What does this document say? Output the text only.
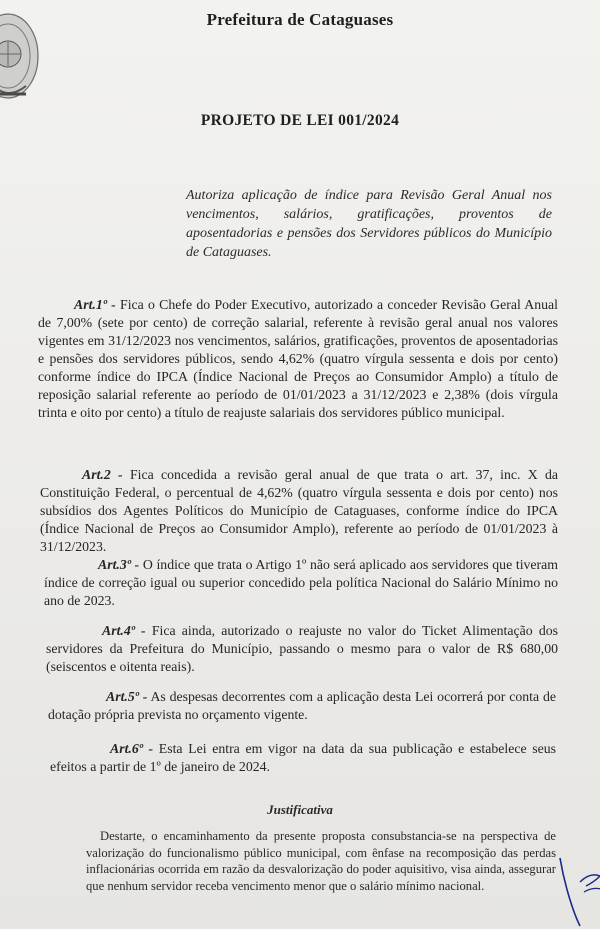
Prefeitura de Cataguases
PROJETO DE LEI 001/2024
Autoriza aplicação de índice para Revisão Geral Anual nos vencimentos, salários, gratificações, proventos de aposentadorias e pensões dos Servidores públicos do Município de Cataguases.
Art.1º - Fica o Chefe do Poder Executivo, autorizado a conceder Revisão Geral Anual de 7,00% (sete por cento) de correção salarial, referente à revisão geral anual nos valores vigentes em 31/12/2023 nos vencimentos, salários, gratificações, proventos de aposentadorias e pensões dos servidores públicos, sendo 4,62% (quatro vírgula sessenta e dois por cento) conforme índice do IPCA (Índice Nacional de Preços ao Consumidor Amplo) a título de reposição salarial referente ao período de 01/01/2023 a 31/12/2023 e 2,38% (dois vírgula trinta e oito por cento) a título de reajuste salariais dos servidores público municipal.
Art.2 - Fica concedida a revisão geral anual de que trata o art. 37, inc. X da Constituição Federal, o percentual de 4,62% (quatro vírgula sessenta e dois por cento) nos subsídios dos Agentes Políticos do Município de Cataguases, conforme índice do IPCA (Índice Nacional de Preços ao Consumidor Amplo), referente ao período de 01/01/2023 à 31/12/2023.
Art.3º - O índice que trata o Artigo 1º não será aplicado aos servidores que tiveram índice de correção igual ou superior concedido pela política Nacional do Salário Mínimo no ano de 2023.
Art.4º - Fica ainda, autorizado o reajuste no valor do Ticket Alimentação dos servidores da Prefeitura do Município, passando o mesmo para o valor de R$ 680,00 (seiscentos e oitenta reais).
Art.5º - As despesas decorrentes com a aplicação desta Lei ocorrerá por conta de dotação própria prevista no orçamento vigente.
Art.6º - Esta Lei entra em vigor na data da sua publicação e estabelece seus efeitos a partir de 1º de janeiro de 2024.
Justificativa
Destarte, o encaminhamento da presente proposta consubstancia-se na perspectiva de valorização do funcionalismo público municipal, com ênfase na recomposição das perdas inflacionárias ocorrida em razão da desvalorização do poder aquisitivo, visa ainda, assegurar que nenhum servidor receba vencimento menor que o salário mínimo nacional.
